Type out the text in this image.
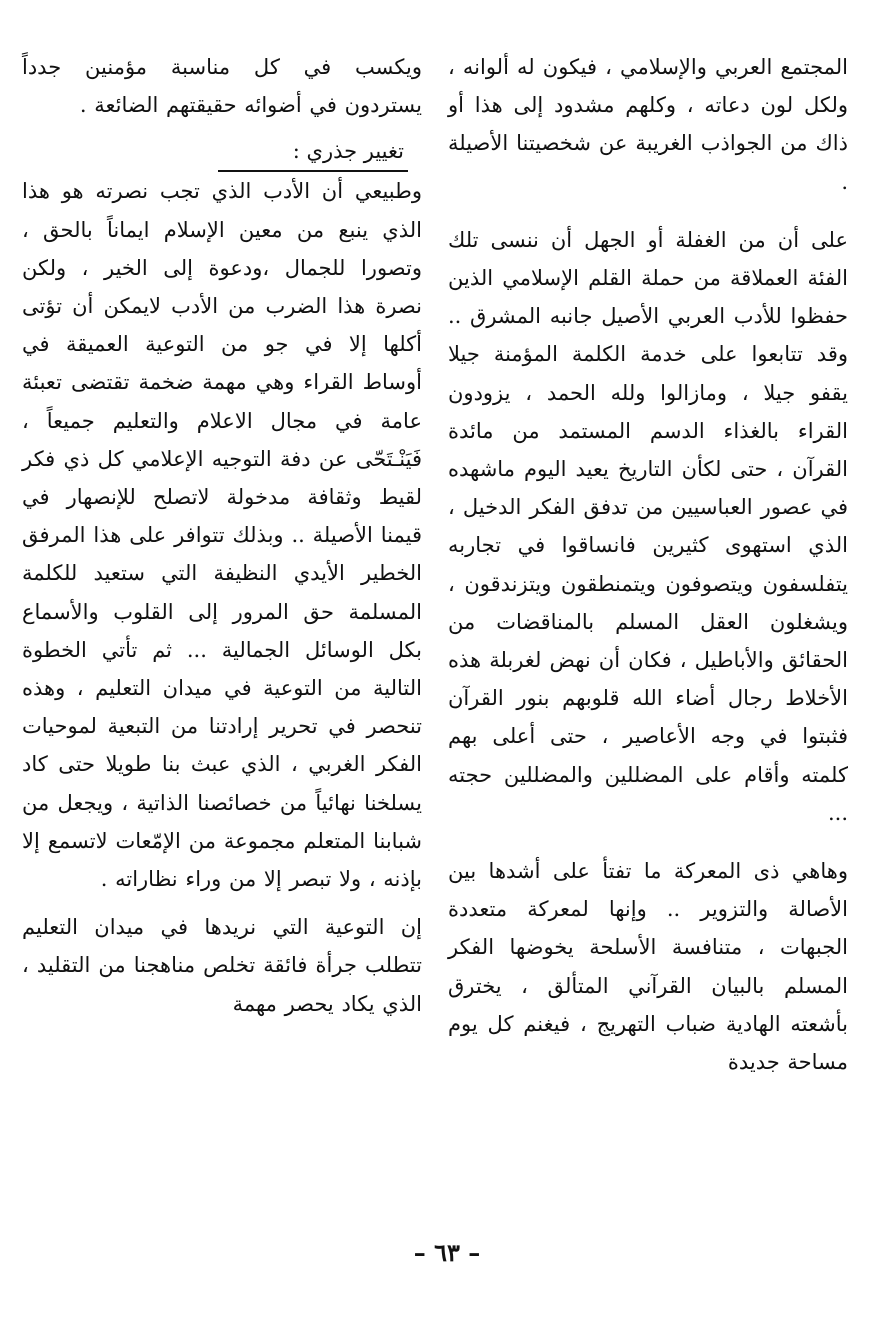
المجتمع العربي والإسلامي ، فيكون له ألوانه ، ولكل لون دعاته ، وكلهم مشدود إلى هذا أو ذاك من الجواذب الغريبة عن شخصيتنا الأصيلة .

على أن من الغفلة أو الجهل أن ننسى تلك الفئة العملاقة من حملة القلم الإسلامي الذين حفظوا للأدب العربي الأصيل جانبه المشرق .. وقد تتابعوا على خدمة الكلمة المؤمنة جيلا يقفو جيلا ، ومازالوا ولله الحمد ، يزودون القراء بالغذاء الدسم المستمد من مائدة القرآن ، حتى لكأن التاريخ يعيد اليوم ماشهده في عصور العباسيين من تدفق الفكر الدخيل ، الذي استهوى كثيرين فانساقوا في تجاربه يتفلسفون ويتصوفون ويتمنطقون ويتزندقون ، ويشغلون العقل المسلم بالمناقضات من الحقائق والأباطيل ، فكان أن نهض لغربلة هذه الأخلاط رجال أضاء الله قلوبهم بنور القرآن فثبتوا في وجه الأعاصير ، حتى أعلى بهم كلمته وأقام على المضللين والمضللين حجته ...

وهاهي ذى المعركة ما تفتأ على أشدها بين الأصالة والتزوير .. وإنها لمعركة متعددة الجبهات ، متنافسة الأسلحة يخوضها الفكر المسلم بالبيان القرآني المتألق ، يخترق بأشعته الهادية ضباب التهريج ، فيغنم كل يوم مساحة جديدة

ويكسب في كل مناسبة مؤمنين جدداً يستردون في أضوائه حقيقتهم الضائعة .

تغيير جذري :

وطبيعي أن الأدب الذي تجب نصرته هو هذا الذي ينبع من معين الإسلام ايماناً بالحق ، وتصورا للجمال ،ودعوة إلى الخير ، ولكن نصرة هذا الضرب من الأدب لايمكن أن تؤتى أكلها إلا في جو من التوعية العميقة في أوساط القراء وهي مهمة ضخمة تقتضى تعبئة عامة في مجال الاعلام والتعليم جميعاً ، فَيَنْـتَحّى عن دفة التوجيه الإعلامي كل ذي فكر لقيط وثقافة مدخولة لاتصلح للإنصهار في قيمنا الأصيلة .. وبذلك تتوافر على هذا المرفق الخطير الأيدي النظيفة التي ستعيد للكلمة المسلمة حق المرور إلى القلوب والأسماع بكل الوسائل الجمالية ... ثم تأتي الخطوة التالية من التوعية في ميدان التعليم ، وهذه تنحصر في تحرير إرادتنا من التبعية لموحيات الفكر الغربي ، الذي عبث بنا طويلا حتى كاد يسلخنا نهائياً من خصائصنا الذاتية ، ويجعل من شبابنا المتعلم مجموعة من الإمّعات لاتسمع إلا بإذنه ، ولا تبصر إلا من وراء نظاراته .

إن التوعية التي نريدها في ميدان التعليم تتطلب جرأة فائقة تخلص مناهجنا من التقليد ، الذي يكاد يحصر مهمة

– ٦٣ –
